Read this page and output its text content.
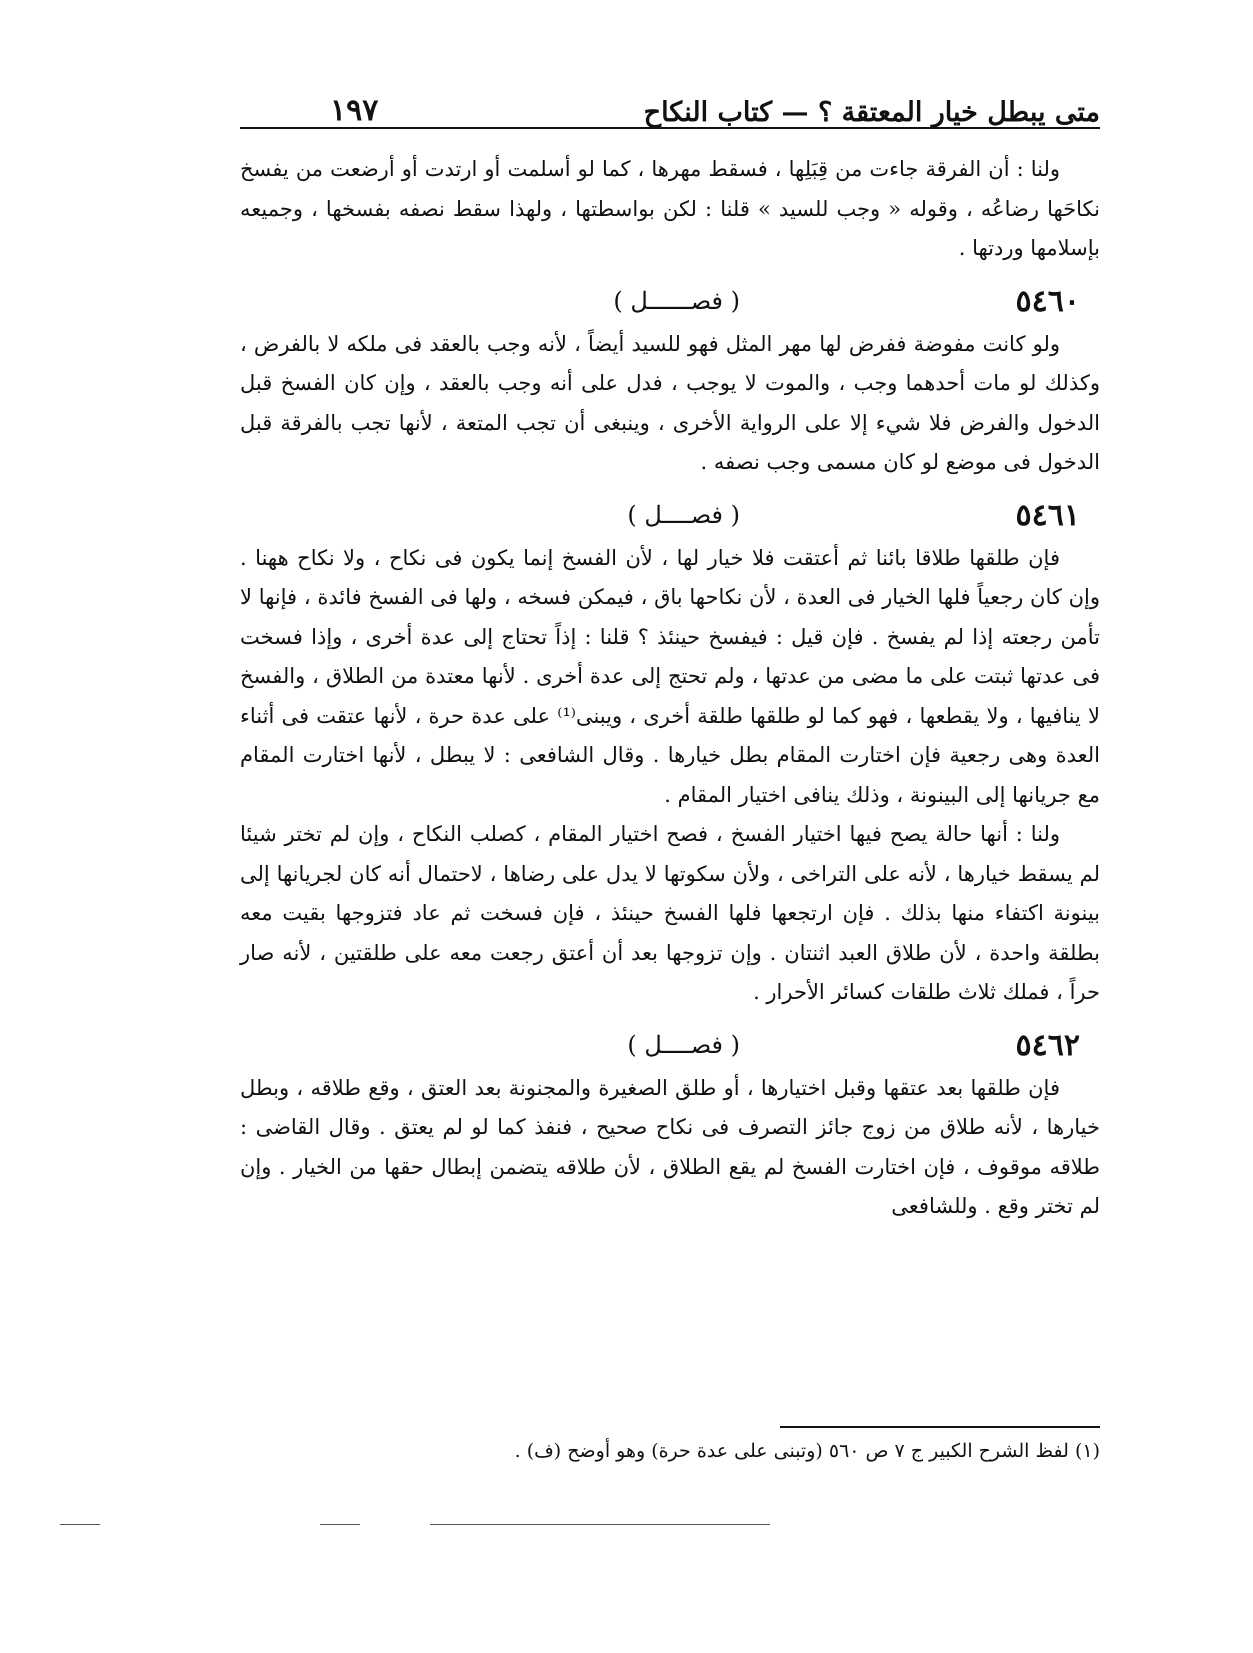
متى يبطل خيار المعتقة ؟ — كتاب النكاح
١٩٧

ولنا : أن الفرقة جاءت من قِبَلِها ، فسقط مهرها ، كما لو أسلمت أو ارتدت أو أرضعت من يفسخ نكاحَها رضاعُه ، وقوله « وجب للسيد » قلنا : لكن بواسطتها ، ولهذا سقط نصفه بفسخها ، وجميعه بإسلامها وردتها .

٥٤٦٠
( فصــــــل )

ولو كانت مفوضة ففرض لها مهر المثل فهو للسيد أيضاً ، لأنه وجب بالعقد فى ملكه لا بالفرض ، وكذلك لو مات أحدهما وجب ، والموت لا يوجب ، فدل على أنه وجب بالعقد ، وإن كان الفسخ قبل الدخول والفرض فلا شيء إلا على الرواية الأخرى ، وينبغى أن تجب المتعة ، لأنها تجب بالفرقة قبل الدخول فى موضع لو كان مسمى وجب نصفه .

٥٤٦١
( فصــــل )

فإن طلقها طلاقا بائنا ثم أعتقت فلا خيار لها ، لأن الفسخ إنما يكون فى نكاح ، ولا نكاح ههنا . وإن كان رجعياً فلها الخيار فى العدة ، لأن نكاحها باق ، فيمكن فسخه ، ولها فى الفسخ فائدة ، فإنها لا تأمن رجعته إذا لم يفسخ . فإن قيل : فيفسخ حينئذ ؟ قلنا : إذاً تحتاج إلى عدة أخرى ، وإذا فسخت فى عدتها ثبتت على ما مضى من عدتها ، ولم تحتج إلى عدة أخرى . لأنها معتدة من الطلاق ، والفسخ لا ينافيها ، ولا يقطعها ، فهو كما لو طلقها طلقة أخرى ، ويبنى⁽¹⁾ على عدة حرة ، لأنها عتقت فى أثناء العدة وهى رجعية فإن اختارت المقام بطل خيارها . وقال الشافعى : لا يبطل ، لأنها اختارت المقام مع جريانها إلى البينونة ، وذلك ينافى اختيار المقام .

ولنا : أنها حالة يصح فيها اختيار الفسخ ، فصح اختيار المقام ، كصلب النكاح ، وإن لم تختر شيئا لم يسقط خيارها ، لأنه على التراخى ، ولأن سكوتها لا يدل على رضاها ، لاحتمال أنه كان لجريانها إلى بينونة اكتفاء منها بذلك . فإن ارتجعها فلها الفسخ حينئذ ، فإن فسخت ثم عاد فتزوجها بقيت معه بطلقة واحدة ، لأن طلاق العبد اثنتان . وإن تزوجها بعد أن أعتق رجعت معه على طلقتين ، لأنه صار حراً ، فملك ثلاث طلقات كسائر الأحرار .

٥٤٦٢
( فصــــل )

فإن طلقها بعد عتقها وقبل اختيارها ، أو طلق الصغيرة والمجنونة بعد العتق ، وقع طلاقه ، وبطل خيارها ، لأنه طلاق من زوج جائز التصرف فى نكاح صحيح ، فنفذ كما لو لم يعتق . وقال القاضى : طلاقه موقوف ، فإن اختارت الفسخ لم يقع الطلاق ، لأن طلاقه يتضمن إبطال حقها من الخيار . وإن لم تختر وقع . وللشافعى

(١) لفظ الشرح الكبير ج ٧ ص ٥٦٠ (وتبنى على عدة حرة) وهو أوضح (ف) .
